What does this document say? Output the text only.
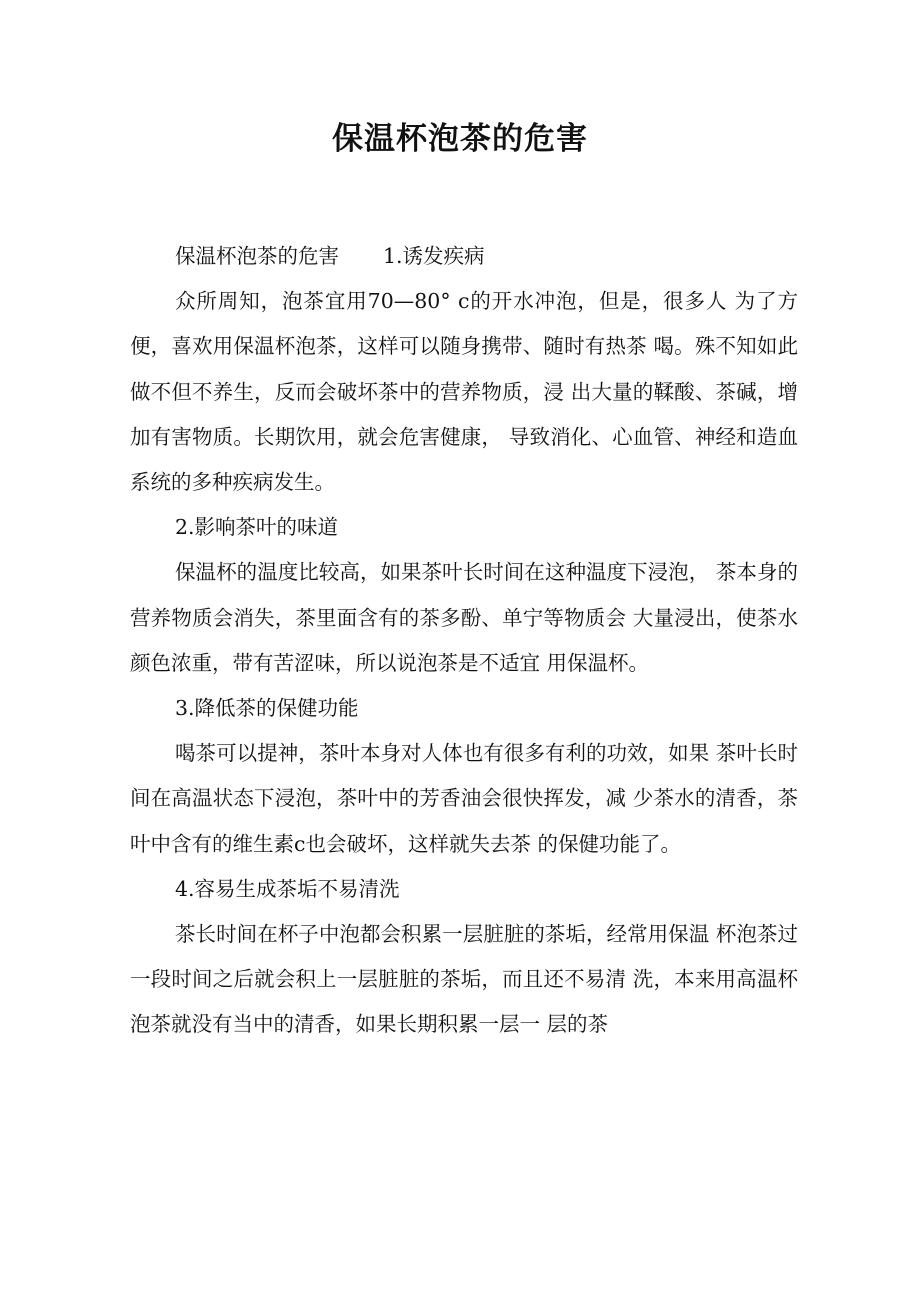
保温杯泡茶的危害

保温杯泡茶的危害 1.诱发疾病

众所周知，泡茶宜用70—80° c的开水冲泡，但是，很多人 为了方便，喜欢用保温杯泡茶，这样可以随身携带、随时有热茶 喝。殊不知如此做不但不养生，反而会破坏茶中的营养物质，浸 出大量的鞣酸、茶碱，增加有害物质。长期饮用，就会危害健康， 导致消化、心血管、神经和造血系统的多种疾病发生。

2.影响茶叶的味道

保温杯的温度比较高，如果茶叶长时间在这种温度下浸泡， 茶本身的营养物质会消失，茶里面含有的茶多酚、单宁等物质会 大量浸出，使茶水颜色浓重，带有苦涩味，所以说泡茶是不适宜 用保温杯。

3.降低茶的保健功能

喝茶可以提神，茶叶本身对人体也有很多有利的功效，如果 茶叶长时间在高温状态下浸泡，茶叶中的芳香油会很快挥发，减 少茶水的清香，茶叶中含有的维生素c也会破坏，这样就失去茶 的保健功能了。

4.容易生成茶垢不易清洗

茶长时间在杯子中泡都会积累一层脏脏的茶垢，经常用保温 杯泡茶过一段时间之后就会积上一层脏脏的茶垢，而且还不易清 洗，本来用高温杯泡茶就没有当中的清香，如果长期积累一层一 层的茶
